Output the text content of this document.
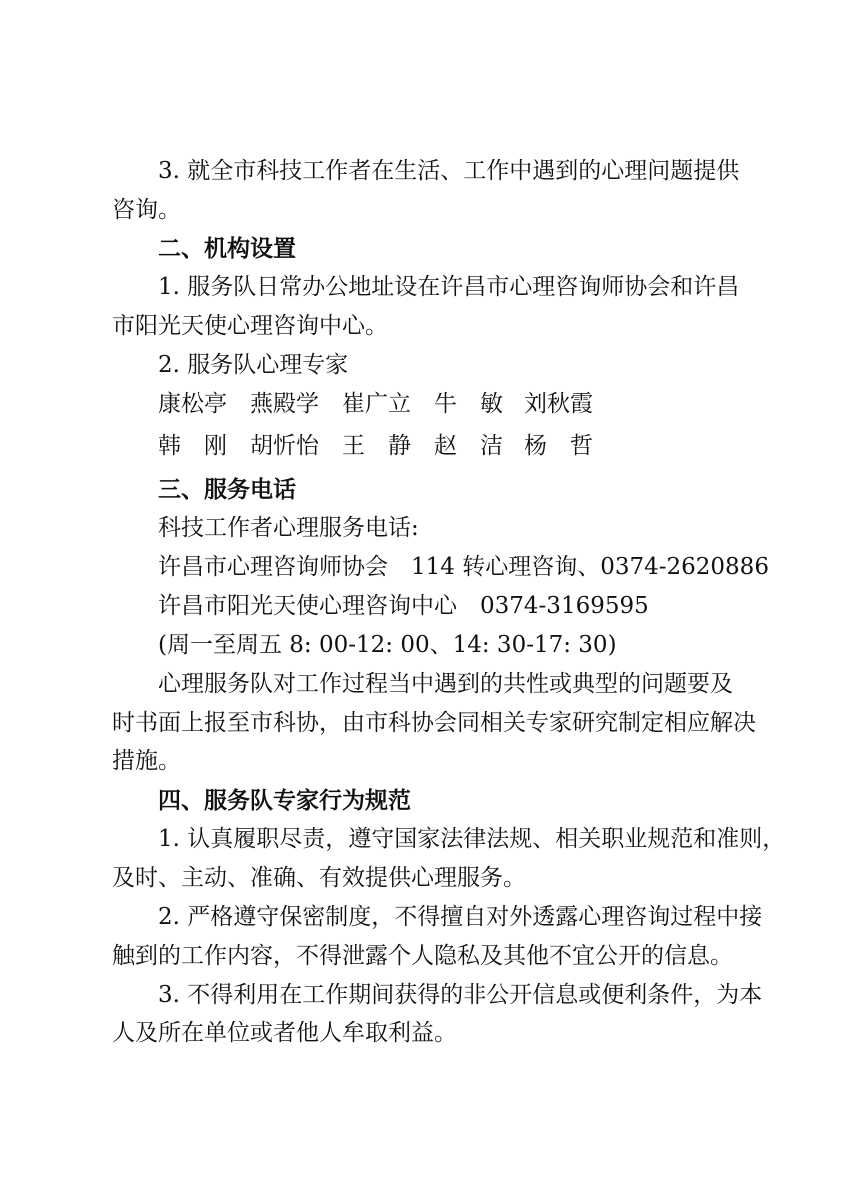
3. 就全市科技工作者在生活、工作中遇到的心理问题提供
咨询。
二、机构设置
1. 服务队日常办公地址设在许昌市心理咨询师协会和许昌
市阳光天使心理咨询中心。
2. 服务队心理专家
康松亭 燕殿学 崔广立 牛　敏 刘秋霞
韩　刚 胡忻怡 王　静 赵　洁 杨　哲
三、服务电话
科技工作者心理服务电话:
许昌市心理咨询师协会　114 转心理咨询、0374-2620886
许昌市阳光天使心理咨询中心　0374-3169595
(周一至周五 8: 00-12: 00、14: 30-17: 30)
心理服务队对工作过程当中遇到的共性或典型的问题要及
时书面上报至市科协，由市科协会同相关专家研究制定相应解决
措施。
四、服务队专家行为规范
1. 认真履职尽责，遵守国家法律法规、相关职业规范和准则，
及时、主动、准确、有效提供心理服务。
2. 严格遵守保密制度，不得擅自对外透露心理咨询过程中接
触到的工作内容，不得泄露个人隐私及其他不宜公开的信息。
3. 不得利用在工作期间获得的非公开信息或便利条件，为本
人及所在单位或者他人牟取利益。
